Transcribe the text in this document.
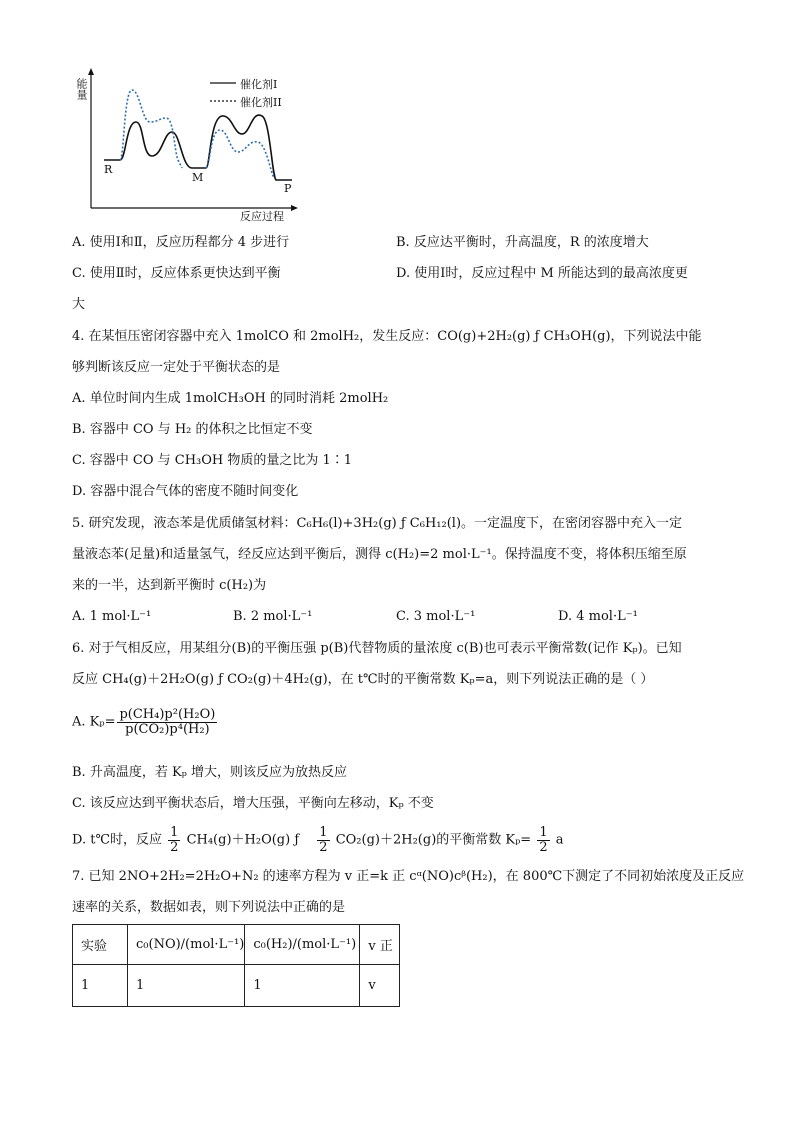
能量	催化剂I
催化剂II
R
M
P
反应过程
A. 使用Ⅰ和Ⅱ，反应历程都分 4 步进行	B. 反应达平衡时，升高温度，R 的浓度增大
C. 使用Ⅱ时，反应体系更快达到平衡	D. 使用Ⅰ时，反应过程中 M 所能达到的最高浓度更
大
4. 在某恒压密闭容器中充入 1molCO 和 2molH₂，发生反应：CO(g)+2H₂(g) ƒ CH₃OH(g)，下列说法中能
够判断该反应一定处于平衡状态的是
A. 单位时间内生成 1molCH₃OH 的同时消耗 2molH₂
B. 容器中 CO 与 H₂ 的体积之比恒定不变
C. 容器中 CO 与 CH₃OH 物质的量之比为 1∶1
D. 容器中混合气体的密度不随时间变化
5. 研究发现，液态苯是优质储氢材料：C₆H₆(l)+3H₂(g) ƒ C₆H₁₂(l)。一定温度下，在密闭容器中充入一定
量液态苯(足量)和适量氢气，经反应达到平衡后，测得 c(H₂)=2 mol·L⁻¹。保持温度不变，将体积压缩至原
来的一半，达到新平衡时 c(H₂)为
A. 1 mol·L⁻¹	B. 2 mol·L⁻¹	C. 3 mol·L⁻¹	D. 4 mol·L⁻¹
6. 对于气相反应，用某组分(B)的平衡压强 p(B)代替物质的量浓度 c(B)也可表示平衡常数(记作 Kₚ)。已知
反应 CH₄(g)＋2H₂O(g) ƒ CO₂(g)＋4H₂(g)，在 t℃时的平衡常数 Kₚ=a，则下列说法正确的是（ ）
A. $K_p= \frac{\text{p(CH₄)p²(H₂O)}}{\text{p(CO₂)p⁴(H₂)}}$
B. 升高温度，若 Kₚ 增大，则该反应为放热反应
C. 该反应达到平衡状态后，增大压强，平衡向左移动，Kₚ 不变
D. t℃时，反应 $\frac{1}{2} CH_4(g)+H_2O(g)$ ƒ $\frac{1}{2} CO_2(g)+2H_2(g)$的平衡常数 $K_p= \frac{1}{2}$ a
7. 已知 2NO+2H₂=2H₂O+N₂ 的速率方程为 v 正=k 正 cᵅ(NO)cᵝ(H₂)，在 800℃下测定了不同初始浓度及正反应
速率的关系，数据如表，则下列说法中正确的是
实验	c₀(NO)/(mol·L⁻¹)	c₀(H₂)/(mol·L⁻¹)	v 正
1	1	1	v
